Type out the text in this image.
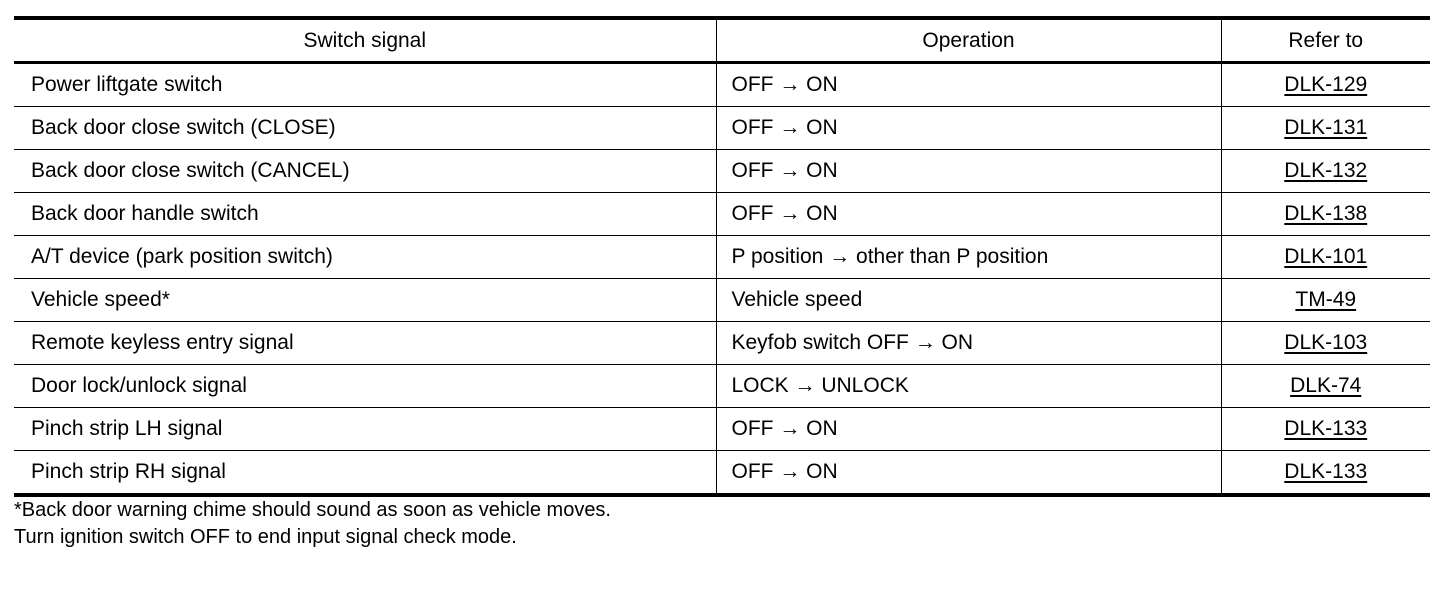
Switch signal	Operation	Refer to
Power liftgate switch	OFF → ON	DLK-129
Back door close switch (CLOSE)	OFF → ON	DLK-131
Back door close switch (CANCEL)	OFF → ON	DLK-132
Back door handle switch	OFF → ON	DLK-138
A/T device (park position switch)	P position → other than P position	DLK-101
Vehicle speed*	Vehicle speed	TM-49
Remote keyless entry signal	Keyfob switch OFF → ON	DLK-103
Door lock/unlock signal	LOCK → UNLOCK	DLK-74
Pinch strip LH signal	OFF → ON	DLK-133
Pinch strip RH signal	OFF → ON	DLK-133
*Back door warning chime should sound as soon as vehicle moves.
Turn ignition switch OFF to end input signal check mode.
